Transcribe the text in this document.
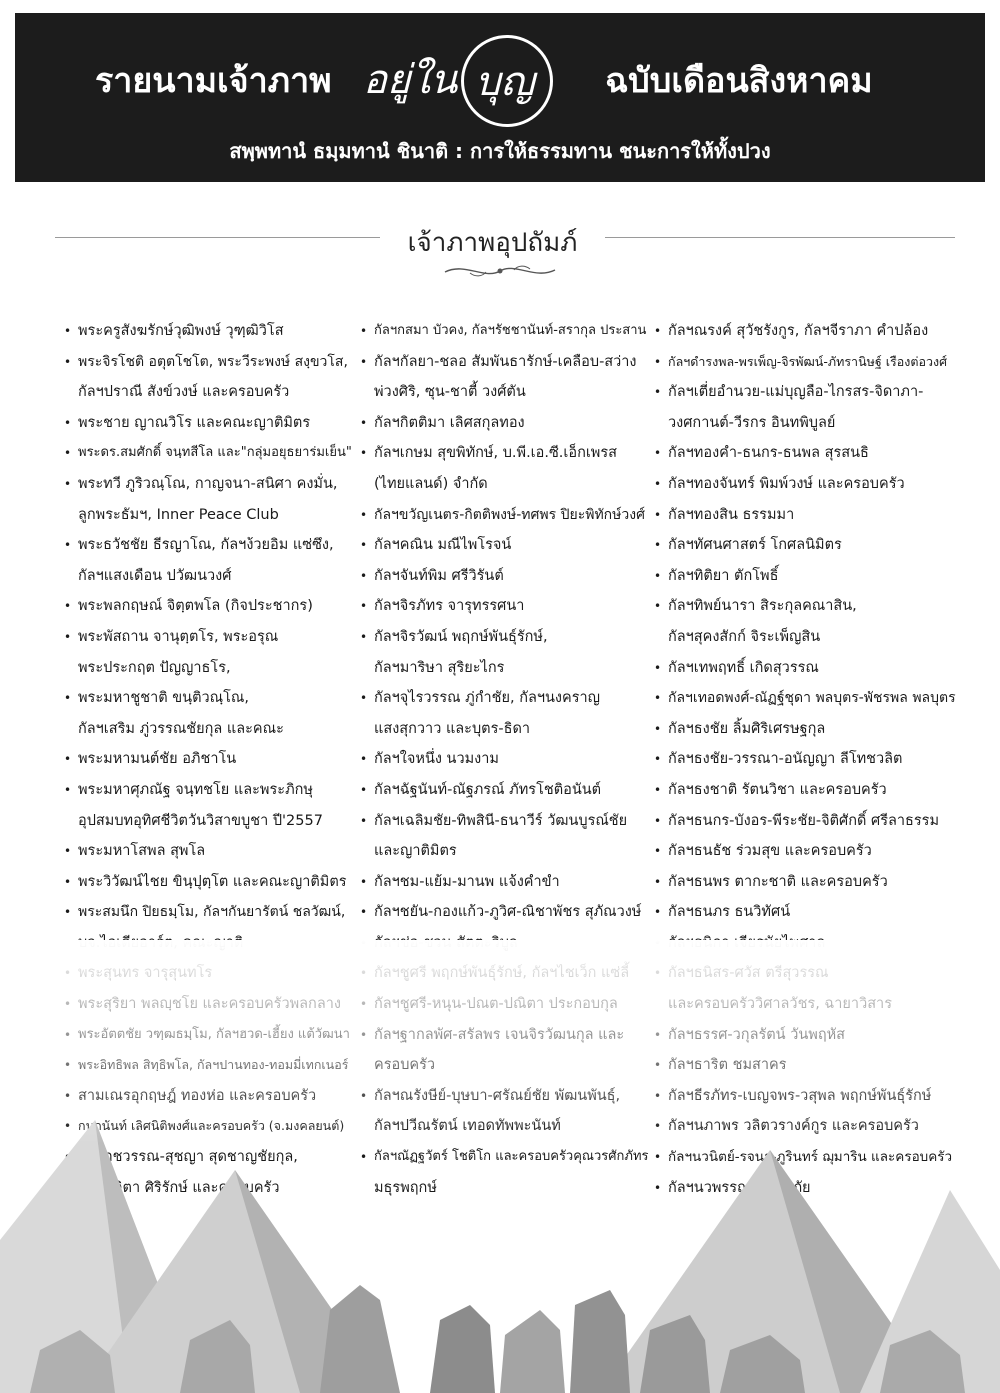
รายนามเจ้าภาพ อยู่ใน บุญ ฉบับเดือนสิงหาคม
สพฺพทานํ ธมฺมทานํ ชินาติ : การให้ธรรมทาน ชนะการให้ทั้งปวง
เจ้าภาพอุปถัมภ์
• พระครูสังฆรักษ์วุฒิพงษ์ วุฑฺฒิวิโส
• พระจิรโชติ อตุตโชโต, พระวีระพงษ์ สงฺขวโส,
กัลฯปราณี สังข์วงษ์ และครอบครัว
• พระชาย ญาณวิโร และคณะญาติมิตร
• พระดร.สมศักดิ์ จนฺทสีโล และ"กลุ่มอยุธยาร่มเย็น"
• พระทวี ภูริวณฺโณ, กาญจนา-สนิศา คงมั่น,
ลูกพระธัมฯ, Inner Peace Club
• พระธวัชชัย ธีรญาโณ, กัลฯง้วยอิม แซ่ซึง,
กัลฯแสงเดือน ปวัฒนวงศ์
• พระพลกฤษณ์ จิตฺตพโล (กิจประชากร)
• พระพัสถาน จานุตฺตโร, พระอรุณ
พระประกฤต ปัญญาธโร,
• พระมหาชูชาติ ขนฺติวณฺโณ,
กัลฯเสริม ภู่วรรณชัยกุล และคณะ
• พระมหามนต์ชัย อภิชาโน
• พระมหาศุภณัฐ จนฺทชโย และพระภิกษุ
อุปสมบทอุทิศชีวิตวันวิสาขบูชา ปี'2557
• พระมหาโสพล สุพโล
• พระวิวัฒน์ไชย ขินฺปุตฺโต และคณะญาติมิตร
• พระสมนึก ปิยธมฺโม, กัลฯกันยารัตน์ ชลวัฒน์,
• กัลฯกสมา บัวคง, กัลฯรัชชานันท์-สรากุล ประสาน
• กัลฯกัลยา-ชลอ สัมพันธารักษ์-เคลือบ-สว่าง
พ่วงศิริ, ซุน-ชาตี้ วงศ์ตัน
• กัลฯกิตติมา เลิศสกุลทอง
• กัลฯเกษม สุขพิทักษ์, บ.พี.เอ.ซี.เอ็กเพรส
(ไทยแลนด์) จำกัด
• กัลฯขวัญเนตร-กิตติพงษ์-ทศพร ปิยะพิทักษ์วงศ์
• กัลฯคณิน มณีไพโรจน์
• กัลฯจันท์พิม ศรีวิรันต์
• กัลฯจิรภัทร จารุทรรศนา
• กัลฯจิรวัฒน์ พฤกษ์พันธุ์รักษ์,
กัลฯมาริษา สุริยะไกร
• กัลฯจุไรวรรณ ภู่กำชัย, กัลฯนงคราญ
แสงสุกวาว และบุตร-ธิดา
• กัลฯใจหนึ่ง นวมงาม
• กัลฯฉัฐนันท์-ณัฐภรณ์ ภัทรโชติอนันต์
• กัลฯเฉลิมชัย-ทิพสินี-ธนาวีร์ วัฒนบูรณ์ชัย
และญาติมิตร
• กัลฯชม-แย้ม-มานพ แจ้งคำขำ
• กัลฯชยัน-กองแก้ว-ภูวิศ-ณิชาพัชร สุภัณวงษ์
• กัลฯณรงค์ สุวัชรังกูร, กัลฯจีราภา คำปล้อง
• กัลฯดำรงพล-พรเพ็ญ-จิรพัฒน์-ภัทรานิษฐ์ เรืองต่อวงศ์
• กัลฯเตี่ยอำนวย-แม่บุญลือ-ไกรสร-จิดาภา-
วงศกานต์-วีรกร อินทพิบูลย์
• กัลฯทองคำ-ธนกร-ธนพล สุรสนธิ
• กัลฯทองจันทร์ พิมพ์วงษ์ และครอบครัว
• กัลฯทองสิน ธรรมมา
• กัลฯทัศนศาสตร์ โกศลนิมิตร
• กัลฯทิติยา ตักโพธิ์
• กัลฯทิพย์นารา สิระกุลคณาสิน,
กัลฯสุคงสักก์ จิระเพ็ญสิน
• กัลฯเทพฤทธิ์ เกิดสุวรรณ
• กัลฯเทอดพงศ์-ณัฏฐ์ชุดา พลบุตร-พัชรพล พลบุตร
• กัลฯธงชัย ลิ้มศิริเศรษฐกุล
• กัลฯธงชัย-วรรณา-อนัญญา ลีโทชวลิต
• กัลฯธงชาติ รัตนวิชา และครอบครัว
• กัลฯธนกร-บังอร-พีระชัย-จิติศักดิ์ ศรีลาธรรม
• กัลฯธนธัช ร่วมสุข และครอบครัว
• กัลฯธนพร ตากะชาติ และครอบครัว
• กัลฯธนภร ธนวิทัศน์
